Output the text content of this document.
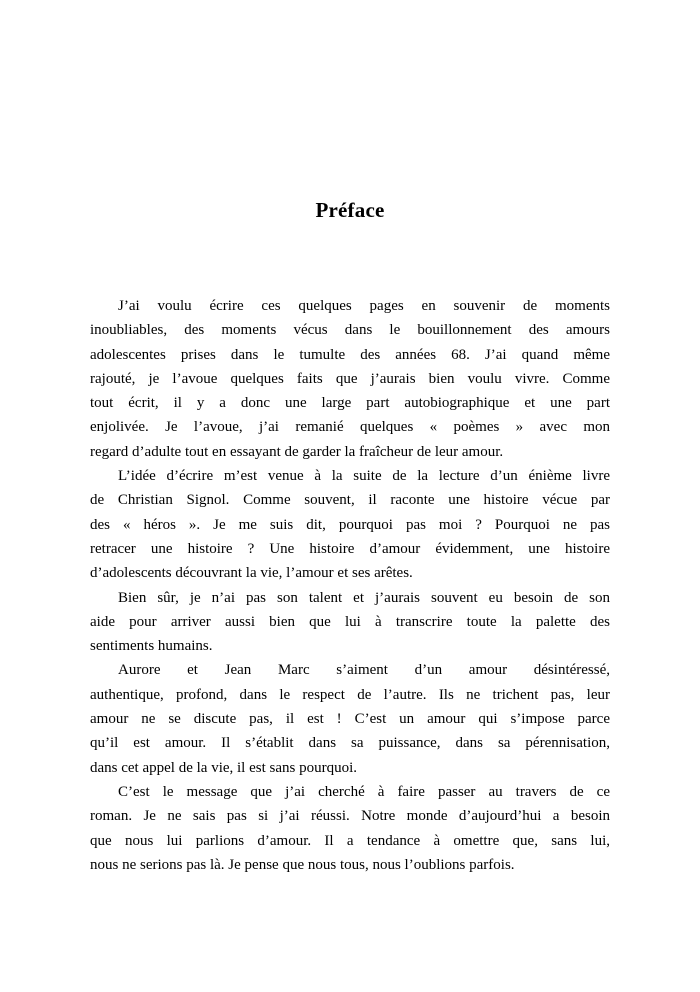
Préface
J’ai voulu écrire ces quelques pages en souvenir de moments
inoubliables, des moments vécus dans le bouillonnement des amours
adolescentes prises dans le tumulte des années 68. J’ai quand même
rajouté, je l’avoue quelques faits que j’aurais bien voulu vivre. Comme
tout écrit, il y a donc une large part autobiographique et une part
enjolivée. Je l’avoue, j’ai remanié quelques « poèmes » avec mon
regard d’adulte tout en essayant de garder la fraîcheur de leur amour.
L’idée d’écrire m’est venue à la suite de la lecture d’un énième livre
de Christian Signol. Comme souvent, il raconte une histoire vécue par
des « héros ». Je me suis dit, pourquoi pas moi ? Pourquoi ne pas
retracer une histoire ? Une histoire d’amour évidemment, une histoire
d’adolescents découvrant la vie, l’amour et ses arêtes.
Bien sûr, je n’ai pas son talent et j’aurais souvent eu besoin de son
aide pour arriver aussi bien que lui à transcrire toute la palette des
sentiments humains.
Aurore et Jean Marc s’aiment d’un amour désintéressé,
authentique, profond, dans le respect de l’autre. Ils ne trichent pas, leur
amour ne se discute pas, il est ! C’est un amour qui s’impose parce
qu’il est amour. Il s’établit dans sa puissance, dans sa pérennisation,
dans cet appel de la vie, il est sans pourquoi.
C’est le message que j’ai cherché à faire passer au travers de ce
roman. Je ne sais pas si j’ai réussi. Notre monde d’aujourd’hui a besoin
que nous lui parlions d’amour. Il a tendance à omettre que, sans lui,
nous ne serions pas là. Je pense que nous tous, nous l’oublions parfois.
